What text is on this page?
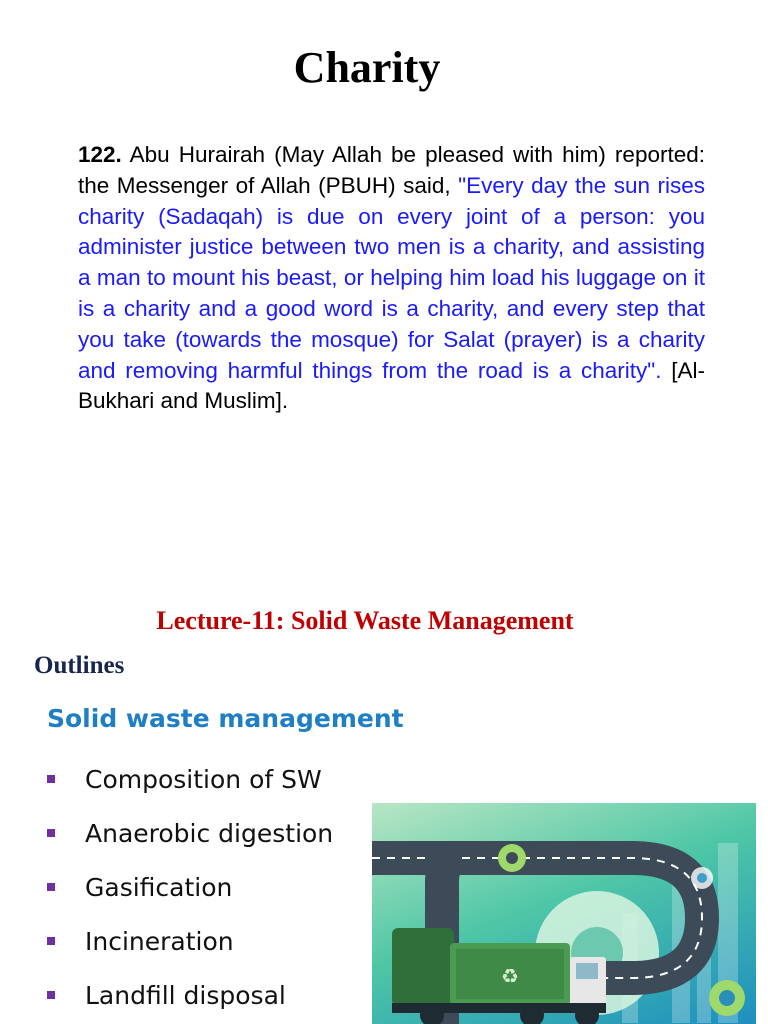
Charity
122. Abu Hurairah (May Allah be pleased with him) reported: the Messenger of Allah (PBUH) said, "Every day the sun rises charity (Sadaqah) is due on every joint of a person: you administer justice between two men is a charity, and assisting a man to mount his beast, or helping him load his luggage on it is a charity and a good word is a charity, and every step that you take (towards the mosque) for Salat (prayer) is a charity and removing harmful things from the road is a charity". [Al-Bukhari and Muslim].
Lecture-11: Solid Waste Management
Outlines
Solid waste management
Composition of SW
Anaerobic digestion
Gasification
Incineration
Landfill disposal
♻
